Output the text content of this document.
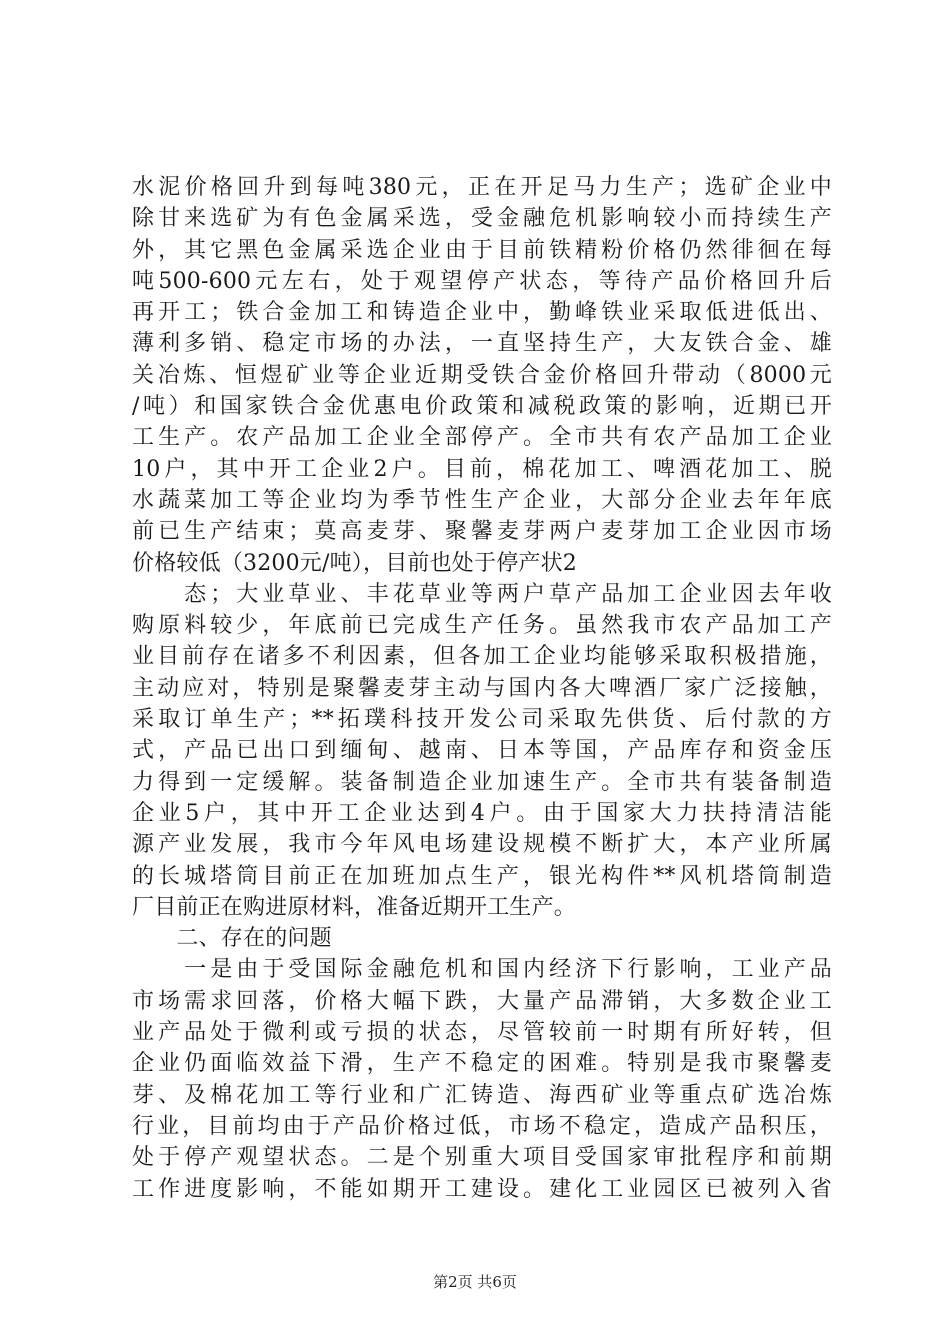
水泥价格回升到每吨380元，正在开足马力生产；选矿企业中
除甘来选矿为有色金属采选，受金融危机影响较小而持续生产
外，其它黑色金属采选企业由于目前铁精粉价格仍然徘徊在每
吨500-600元左右，处于观望停产状态，等待产品价格回升后
再开工；铁合金加工和铸造企业中，勤峰铁业采取低进低出、
薄利多销、稳定市场的办法，一直坚持生产，大友铁合金、雄
关冶炼、恒煜矿业等企业近期受铁合金价格回升带动（8000元
/吨）和国家铁合金优惠电价政策和减税政策的影响，近期已开
工生产。农产品加工企业全部停产。全市共有农产品加工企业
10户，其中开工企业2户。目前，棉花加工、啤酒花加工、脱
水蔬菜加工等企业均为季节性生产企业，大部分企业去年年底
前已生产结束；莫高麦芽、聚馨麦芽两户麦芽加工企业因市场
价格较低（3200元/吨），目前也处于停产状2
　　态；大业草业、丰花草业等两户草产品加工企业因去年收
购原料较少，年底前已完成生产任务。虽然我市农产品加工产
业目前存在诸多不利因素，但各加工企业均能够采取积极措施，
主动应对，特别是聚馨麦芽主动与国内各大啤酒厂家广泛接触，
采取订单生产；**拓璞科技开发公司采取先供货、后付款的方
式，产品已出口到缅甸、越南、日本等国，产品库存和资金压
力得到一定缓解。装备制造企业加速生产。全市共有装备制造
企业5户，其中开工企业达到4户。由于国家大力扶持清洁能
源产业发展，我市今年风电场建设规模不断扩大，本产业所属
的长城塔筒目前正在加班加点生产，银光构件**风机塔筒制造
厂目前正在购进原材料，准备近期开工生产。
　　二、存在的问题
　　一是由于受国际金融危机和国内经济下行影响，工业产品
市场需求回落，价格大幅下跌，大量产品滞销，大多数企业工
业产品处于微利或亏损的状态，尽管较前一时期有所好转，但
企业仍面临效益下滑，生产不稳定的困难。特别是我市聚馨麦
芽、及棉花加工等行业和广汇铸造、海西矿业等重点矿选冶炼
行业，目前均由于产品价格过低，市场不稳定，造成产品积压，
处于停产观望状态。二是个别重大项目受国家审批程序和前期
工作进度影响，不能如期开工建设。建化工业园区已被列入省
第2页 共6页
